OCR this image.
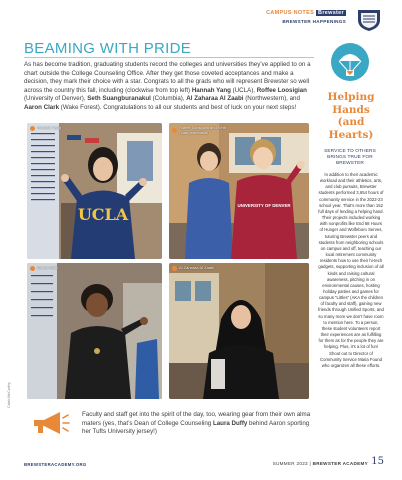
CAMPUS NOTES Brewster
BREWSTER HAPPENINGS
BEAMING WITH PRIDE

As has become tradition, graduating students record the colleges and universities they’ve applied to on a chart outside the College Counseling Office. After they get those coveted acceptances and make a decision, they mark their choice with a star. Congrats to all the grads who will represent Brewster so well across the country this fall, including (clockwise from top left) Hannah Yang (UCLA), Roffee Loosigian (University of Denver), Seth Suangburanakul (Columbia), Al Zaharaa Al Zaabi (Northwestern), and Aaron Clark (Wake Forest). Congratulations to all our students and best of luck on your next steps!

UCLA
Hannah Yang
UNIVERSITY OF DENVER
Roffee Loosigian and Seth Suangburanakul
Aaron Clark	Al Zaharaa Al Zaabi
Helping Hands (and Hearts)
SERVICE TO OTHERS BRINGS TRUE FOR BREWSTER

In addition to their academic workload and their athletics, arts, and club pursuits, Brewster students performed 3,654 hours of community service in the 2022-23 school year. That’s more than 152 full days of lending a helping hand. Their projects included working with nonprofits like End 68 Hours of Hunger and Wolfeboro Serves, tutoring Brewster peers and students from neighboring schools on campus and off, teaching our local retirement community residents how to use their hi-tech gadgets, supporting inclusion of all kinds and raising cultural awareness, pitching in on environmental causes, hosting holiday parties and games for campus “Littles” (AKA the children of faculty and staff), gaining new friends through Unified Sports, and so many more we don’t have room to mention here. To a person, these student volunteers report their experiences are as fulfilling for them as for the people they are helping. Plus, it’s a lot of fun! Shout out to Director of Community Service Maria Found who organizes all these efforts.

Faculty and staff get into the spirit of the day, too, wearing gear from their own alma maters (yes, that’s Dean of College Counseling Laura Duffy behind Aaron sporting her Tufts University jersey!)

Caleb McCarthy
BREWSTERACADEMY.ORG	SUMMER 2023 | BREWSTER ACADEMY 15
